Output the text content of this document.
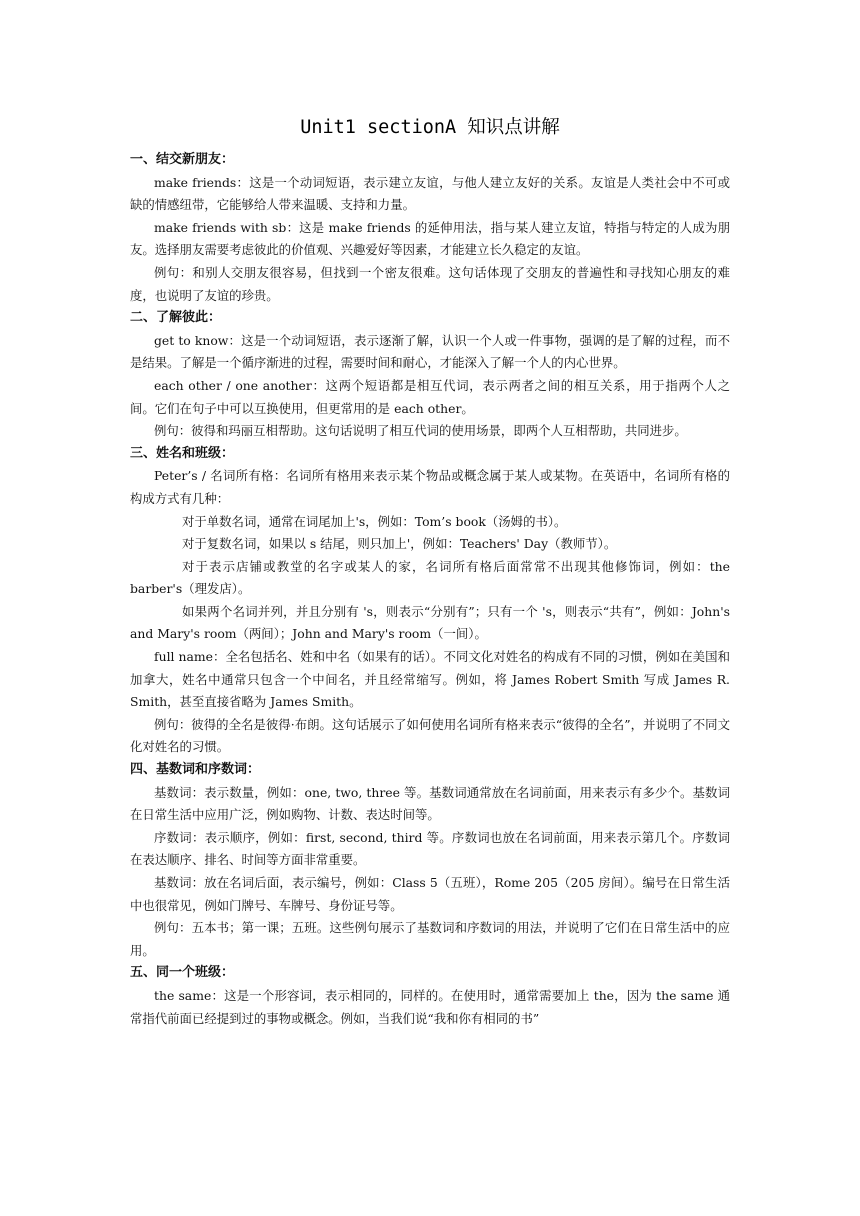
Unit1 sectionA 知识点讲解
一、结交新朋友：
make friends：这是一个动词短语，表示建立友谊，与他人建立友好的关系。友谊是人类社会中不可或缺的情感纽带，它能够给人带来温暖、支持和力量。
make friends with sb：这是 make friends 的延伸用法，指与某人建立友谊，特指与特定的人成为朋友。选择朋友需要考虑彼此的价值观、兴趣爱好等因素，才能建立长久稳定的友谊。
例句：和别人交朋友很容易，但找到一个密友很难。这句话体现了交朋友的普遍性和寻找知心朋友的难度，也说明了友谊的珍贵。
二、了解彼此：
get to know：这是一个动词短语，表示逐渐了解，认识一个人或一件事物，强调的是了解的过程，而不是结果。了解是一个循序渐进的过程，需要时间和耐心，才能深入了解一个人的内心世界。
each other / one another：这两个短语都是相互代词，表示两者之间的相互关系，用于指两个人之间。它们在句子中可以互换使用，但更常用的是 each other。
例句：彼得和玛丽互相帮助。这句话说明了相互代词的使用场景，即两个人互相帮助，共同进步。
三、姓名和班级：
Peter’s / 名词所有格：名词所有格用来表示某个物品或概念属于某人或某物。在英语中，名词所有格的构成方式有几种：
对于单数名词，通常在词尾加上's，例如：Tom’s book（汤姆的书）。
对于复数名词，如果以 s 结尾，则只加上'，例如：Teachers' Day（教师节）。
对于表示店铺或教堂的名字或某人的家，名词所有格后面常常不出现其他修饰词，例如：the barber's（理发店）。
如果两个名词并列，并且分别有 's，则表示“分别有”；只有一个 's，则表示“共有”，例如：John's and Mary's room（两间）；John and Mary's room（一间）。
full name：全名包括名、姓和中名（如果有的话）。不同文化对姓名的构成有不同的习惯，例如在美国和加拿大，姓名中通常只包含一个中间名，并且经常缩写。例如，将 James Robert Smith 写成 James R. Smith，甚至直接省略为 James Smith。
例句：彼得的全名是彼得·布朗。这句话展示了如何使用名词所有格来表示“彼得的全名”，并说明了不同文化对姓名的习惯。
四、基数词和序数词：
基数词：表示数量，例如：one, two, three 等。基数词通常放在名词前面，用来表示有多少个。基数词在日常生活中应用广泛，例如购物、计数、表达时间等。
序数词：表示顺序，例如：first, second, third 等。序数词也放在名词前面，用来表示第几个。序数词在表达顺序、排名、时间等方面非常重要。
基数词：放在名词后面，表示编号，例如：Class 5（五班），Rome 205（205 房间）。编号在日常生活中也很常见，例如门牌号、车牌号、身份证号等。
例句：五本书；第一课；五班。这些例句展示了基数词和序数词的用法，并说明了它们在日常生活中的应用。
五、同一个班级：
the same：这是一个形容词，表示相同的，同样的。在使用时，通常需要加上 the，因为 the same 通常指代前面已经提到过的事物或概念。例如，当我们说“我和你有相同的书”
